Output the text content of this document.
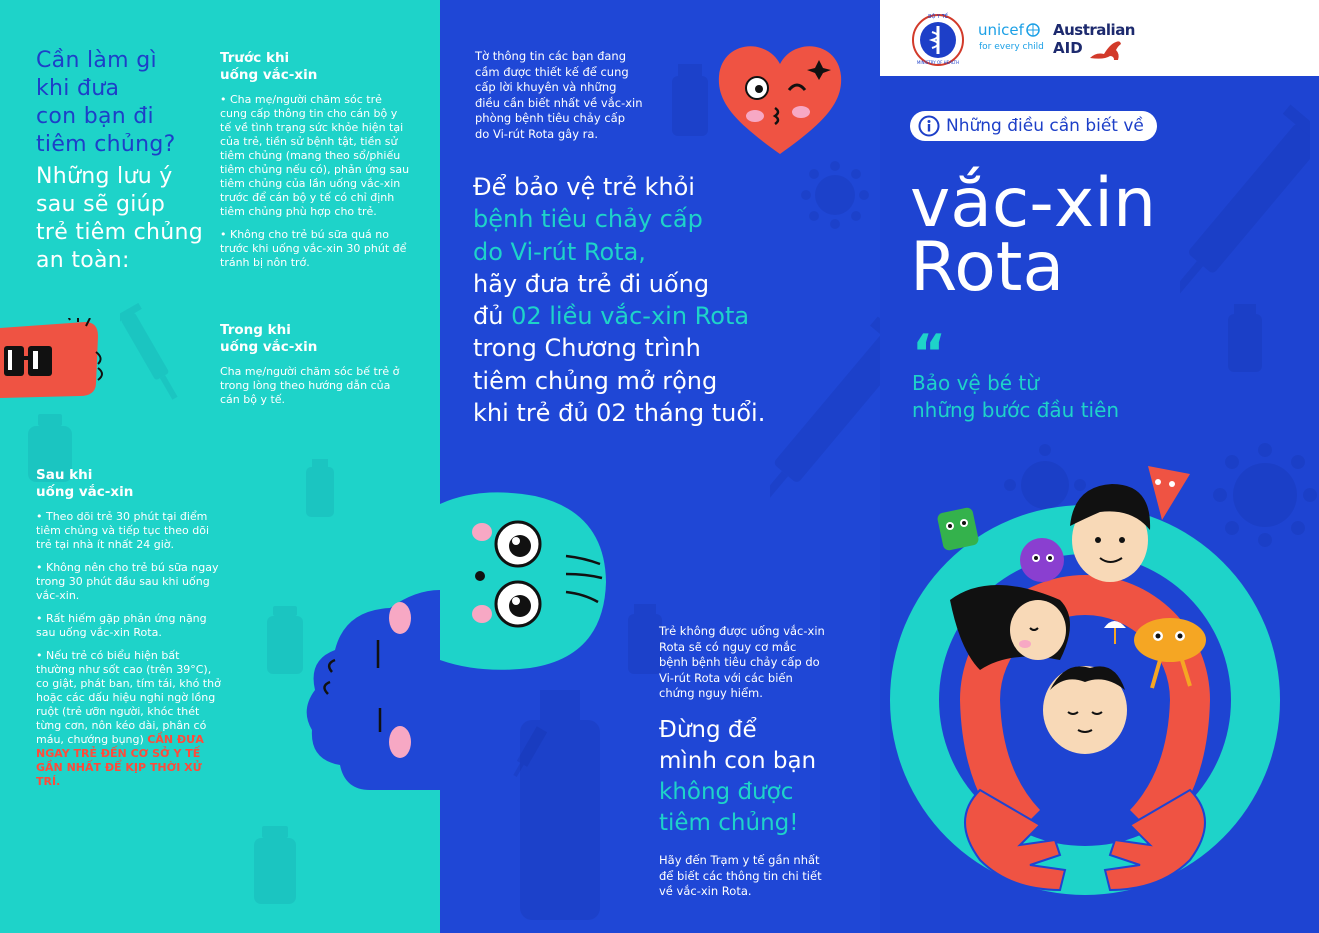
Cần làm gì
khi đưa
con bạn đi
tiêm chủng?
Những lưu ý
sau sẽ giúp
trẻ tiêm chủng
an toàn:
Trước khi
uống vắc-xin

• Cha mẹ/người chăm sóc trẻ cung cấp thông tin cho cán bộ y tế về tình trạng sức khỏe hiện tại của trẻ, tiền sử bệnh tật, tiền sử tiêm chủng (mang theo sổ/phiếu tiêm chủng nếu có), phản ứng sau tiêm chủng của lần uống vắc-xin trước để cán bộ y tế có chỉ định tiêm chủng phù hợp cho trẻ.

• Không cho trẻ bú sữa quá no trước khi uống vắc-xin 30 phút để tránh bị nôn trớ.

Trong khi
uống vắc-xin

Cha mẹ/người chăm sóc bế trẻ ở trong lòng theo hướng dẫn của cán bộ y tế.

Sau khi
uống vắc-xin

• Theo dõi trẻ 30 phút tại điểm tiêm chủng và tiếp tục theo dõi trẻ tại nhà ít nhất 24 giờ.

• Không nên cho trẻ bú sữa ngay trong 30 phút đầu sau khi uống vắc-xin.

• Rất hiếm gặp phản ứng nặng sau uống vắc-xin Rota.

• Nếu trẻ có biểu hiện bất thường như sốt cao (trên 39°C), co giật, phát ban, tím tái, khó thở hoặc các dấu hiệu nghi ngờ lồng ruột (trẻ ưỡn người, khóc thét từng cơn, nôn kéo dài, phân có máu, chướng bụng) CẦN ĐƯA NGAY TRẺ ĐẾN CƠ SỞ Y TẾ GẦN NHẤT ĐỂ KỊP THỜI XỬ TRÍ.

Tờ thông tin các bạn đang
cầm được thiết kế để cung
cấp lời khuyên và những
điều cần biết nhất về vắc-xin
phòng bệnh tiêu chảy cấp
do Vi-rút Rota gây ra.
Để bảo vệ trẻ khỏi
bệnh tiêu chảy cấp
do Vi-rút Rota,
hãy đưa trẻ đi uống
đủ 02 liều vắc-xin Rota
trong Chương trình
tiêm chủng mở rộng
khi trẻ đủ 02 tháng tuổi.
Trẻ không được uống vắc-xin
Rota sẽ có nguy cơ mắc
bệnh bệnh tiêu chảy cấp do
Vi-rút Rota với các biến
chứng nguy hiểm.
Đừng để
mình con bạn
không được
tiêm chủng!
Hãy đến Trạm y tế gần nhất
để biết các thông tin chi tiết
về vắc-xin Rota.
BỘ Y TẾ
MINISTRY OF HEALTH
unicef
for every child
Australian
AID
Những điều cần biết về
vắc-xin
Rota
“
Bảo vệ bé từ
những bước đầu tiên
